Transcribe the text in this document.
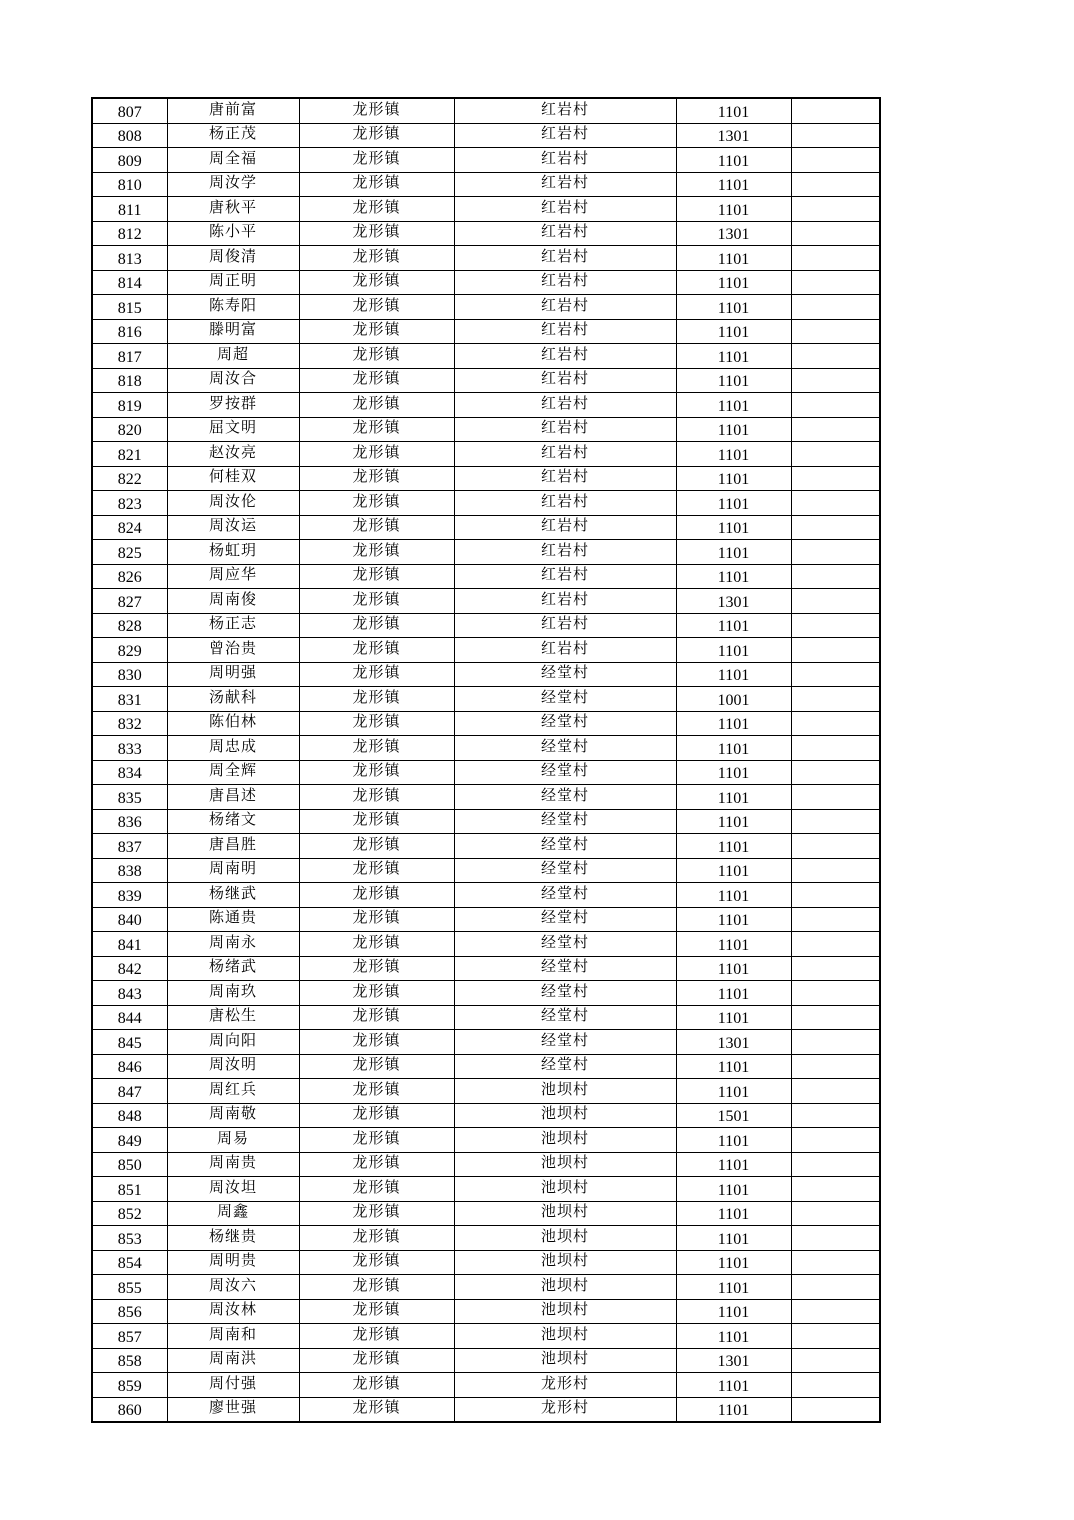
807	唐前富	龙形镇	红岩村	1101	
808	杨正茂	龙形镇	红岩村	1301	
809	周全福	龙形镇	红岩村	1101	
810	周汝学	龙形镇	红岩村	1101	
811	唐秋平	龙形镇	红岩村	1101	
812	陈小平	龙形镇	红岩村	1301	
813	周俊清	龙形镇	红岩村	1101	
814	周正明	龙形镇	红岩村	1101	
815	陈寿阳	龙形镇	红岩村	1101	
816	滕明富	龙形镇	红岩村	1101	
817	周超	龙形镇	红岩村	1101	
818	周汝合	龙形镇	红岩村	1101	
819	罗按群	龙形镇	红岩村	1101	
820	屈文明	龙形镇	红岩村	1101	
821	赵汝亮	龙形镇	红岩村	1101	
822	何桂双	龙形镇	红岩村	1101	
823	周汝伦	龙形镇	红岩村	1101	
824	周汝运	龙形镇	红岩村	1101	
825	杨虹玥	龙形镇	红岩村	1101	
826	周应华	龙形镇	红岩村	1101	
827	周南俊	龙形镇	红岩村	1301	
828	杨正志	龙形镇	红岩村	1101	
829	曾治贵	龙形镇	红岩村	1101	
830	周明强	龙形镇	经堂村	1101	
831	汤献科	龙形镇	经堂村	1001	
832	陈伯林	龙形镇	经堂村	1101	
833	周忠成	龙形镇	经堂村	1101	
834	周全辉	龙形镇	经堂村	1101	
835	唐昌述	龙形镇	经堂村	1101	
836	杨绪文	龙形镇	经堂村	1101	
837	唐昌胜	龙形镇	经堂村	1101	
838	周南明	龙形镇	经堂村	1101	
839	杨继武	龙形镇	经堂村	1101	
840	陈通贵	龙形镇	经堂村	1101	
841	周南永	龙形镇	经堂村	1101	
842	杨绪武	龙形镇	经堂村	1101	
843	周南玖	龙形镇	经堂村	1101	
844	唐松生	龙形镇	经堂村	1101	
845	周向阳	龙形镇	经堂村	1301	
846	周汝明	龙形镇	经堂村	1101	
847	周红兵	龙形镇	池坝村	1101	
848	周南敬	龙形镇	池坝村	1501	
849	周易	龙形镇	池坝村	1101	
850	周南贵	龙形镇	池坝村	1101	
851	周汝坦	龙形镇	池坝村	1101	
852	周鑫	龙形镇	池坝村	1101	
853	杨继贵	龙形镇	池坝村	1101	
854	周明贵	龙形镇	池坝村	1101	
855	周汝六	龙形镇	池坝村	1101	
856	周汝林	龙形镇	池坝村	1101	
857	周南和	龙形镇	池坝村	1101	
858	周南洪	龙形镇	池坝村	1301	
859	周付强	龙形镇	龙形村	1101	
860	廖世强	龙形镇	龙形村	1101	
